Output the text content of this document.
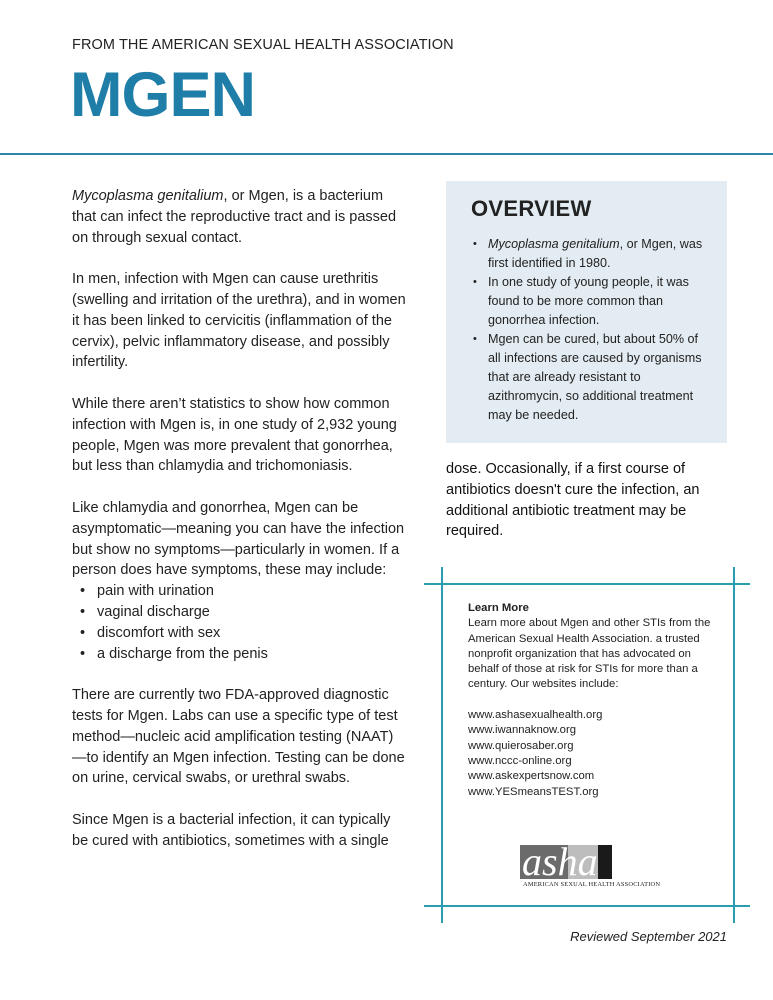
FROM THE AMERICAN SEXUAL HEALTH ASSOCIATION
MGEN

Mycoplasma genitalium, or Mgen, is a bacterium that can infect the reproductive tract and is passed on through sexual contact.

In men, infection with Mgen can cause urethritis (swelling and irritation of the urethra), and in women it has been linked to cervicitis (inflammation of the cervix), pelvic inflammatory disease, and possibly infertility.

While there aren’t statistics to show how common infection with Mgen is, in one study of 2,932 young people, Mgen was more prevalent that gonorrhea, but less than chlamydia and trichomoniasis.

Like chlamydia and gonorrhea, Mgen can be asymptomatic—meaning you can have the infection but show no symptoms—particularly in women. If a person does have symptoms, these may include:

• pain with urination
• vaginal discharge
• discomfort with sex
• a discharge from the penis

There are currently two FDA-approved diagnostic tests for Mgen. Labs can use a specific type of test method—nucleic acid amplification testing (NAAT)—to identify an Mgen infection. Testing can be done on urine, cervical swabs, or urethral swabs.

Since Mgen is a bacterial infection, it can typically be cured with antibiotics, sometimes with a single

OVERVIEW
• Mycoplasma genitalium, or Mgen, was first identified in 1980.
• In one study of young people, it was found to be more common than gonorrhea infection.
• Mgen can be cured, but about 50% of all infections are caused by organisms that are already resistant to azithromycin, so additional treatment may be needed.
dose. Occasionally, if a first course of antibiotics doesn't cure the infection, an additional antibiotic treatment may be required.
Learn More
Learn more about Mgen and other STIs from the American Sexual Health Association. a trusted nonprofit organization that has advocated on behalf of those at risk for STIs for more than a century. Our websites include:
www.ashasexualhealth.org
www.iwannaknow.org
www.quierosaber.org
www.nccc-online.org
www.askexpertsnow.com
www.YESmeansTEST.org
asha
AMERICAN SEXUAL HEALTH ASSOCIATION
Reviewed September 2021
